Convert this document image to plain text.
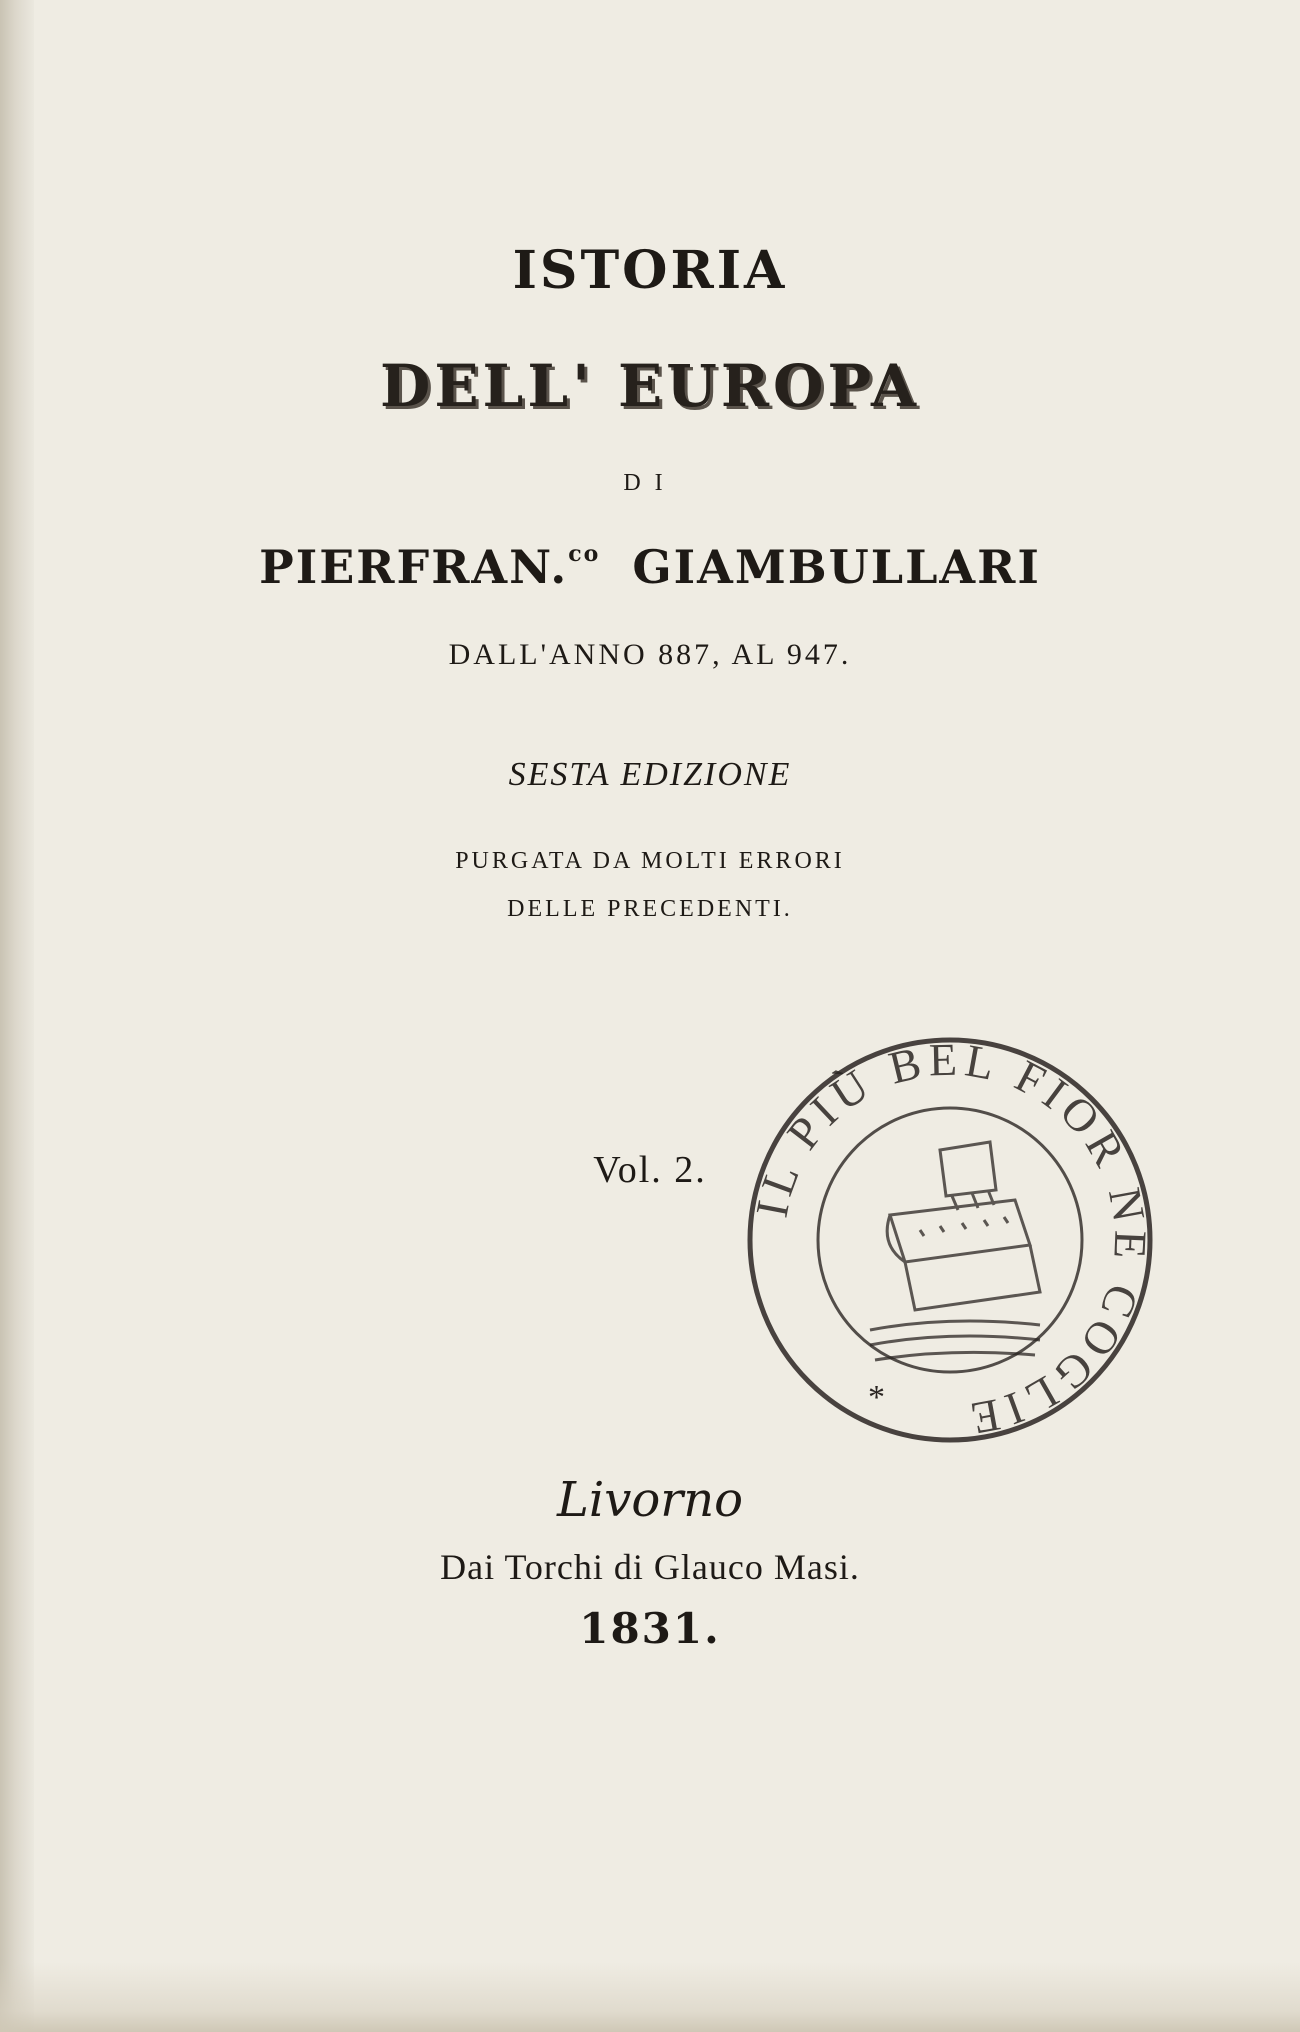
ISTORIA
DELL' EUROPA
DI
PIERFRAN.$^{co}$ GIAMBULLARI
DALL'ANNO 887, AL 947.
SESTA EDIZIONE
PURGATA DA MOLTI ERRORI
DELLE PRECEDENTI.
Vol. 2.
IL PIÙ BEL FIOR NE COGLIE
*
Livorno
Dai Torchi di Glauco Masi.
1831.
